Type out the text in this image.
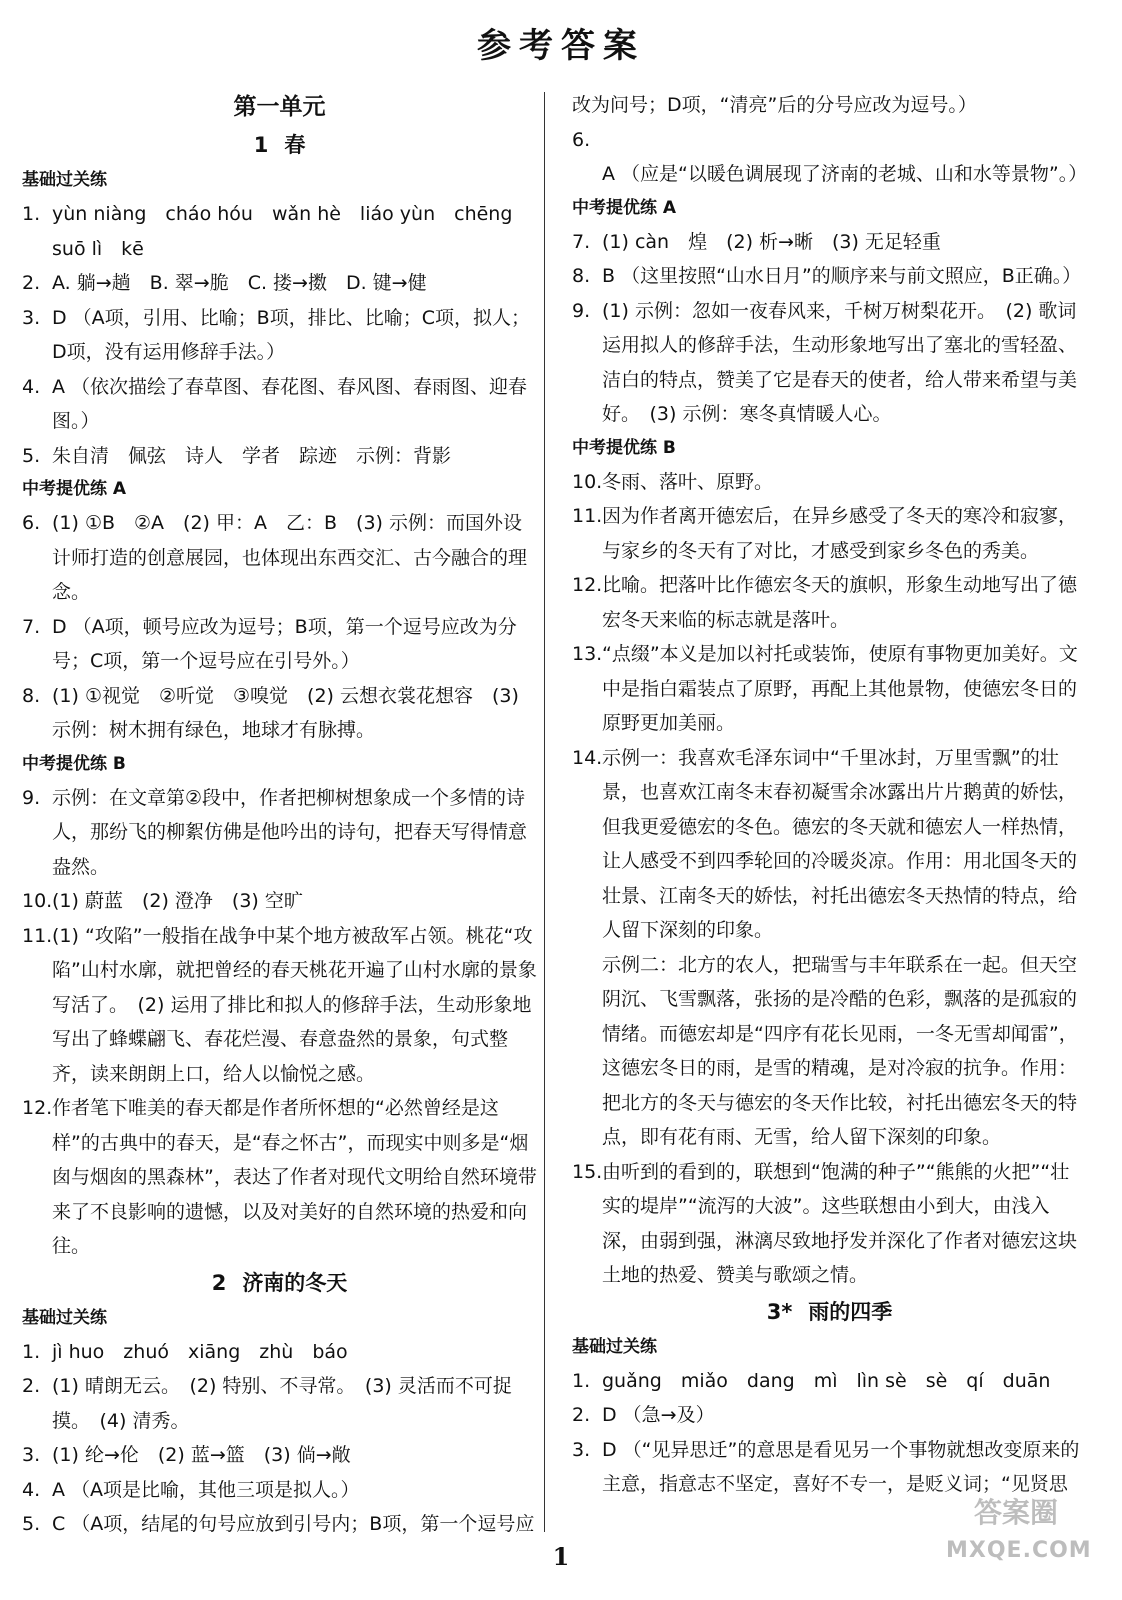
参考答案
第一单元
1 春
基础过关练
1. yùn niàng　cháo hóu　wǎn hè　liáo yùn　chēng　suō lì　kē
2. A. 躺→趟　B. 翠→脆　C. 搂→擞　D. 键→健
3. D （A项，引用、比喻；B项，排比、比喻；C项，拟人；D项，没有运用修辞手法。）
4. A （依次描绘了春草图、春花图、春风图、春雨图、迎春图。）
5. 朱自清　佩弦　诗人　学者　踪迹　示例：背影
中考提优练 A
6. (1) ①B　②A　(2) 甲：A　乙：B　(3) 示例：而国外设计师打造的创意展园，也体现出东西交汇、古今融合的理念。
7. D （A项，顿号应改为逗号；B项，第一个逗号应改为分号；C项，第一个逗号应在引号外。）
8. (1) ①视觉　②听觉　③嗅觉　(2) 云想衣裳花想容　(3) 示例：树木拥有绿色，地球才有脉搏。
中考提优练 B
9. 示例：在文章第②段中，作者把柳树想象成一个多情的诗人，那纷飞的柳絮仿佛是他吟出的诗句，把春天写得情意盎然。
10.(1) 蔚蓝　(2) 澄净　(3) 空旷
11.(1) “攻陷”一般指在战争中某个地方被敌军占领。桃花“攻陷”山村水廓，就把曾经的春天桃花开遍了山村水廓的景象写活了。　(2) 运用了排比和拟人的修辞手法，生动形象地写出了蜂蝶翩飞、春花烂漫、春意盎然的景象，句式整齐，读来朗朗上口，给人以愉悦之感。
12.作者笔下唯美的春天都是作者所怀想的“必然曾经是这样”的古典中的春天，是“春之怀古”，而现实中则多是“烟囱与烟囱的黑森林”，表达了作者对现代文明给自然环境带来了不良影响的遗憾，以及对美好的自然环境的热爱和向往。
2 济南的冬天
基础过关练
1. jì huo　zhuó　xiāng　zhù　báo
2. (1) 晴朗无云。　(2) 特别、不寻常。　(3) 灵活而不可捉摸。　(4) 清秀。
3. (1) 纶→伦　(2) 蓝→篮　(3) 倘→敞
4. A （A项是比喻，其他三项是拟人。）
5. C （A项，结尾的句号应放到引号内；B项，第一个逗号应
改为问号；D项，“清亮”后的分号应改为逗号。）
6.A （应是“以暖色调展现了济南的老城、山和水等景物”。）
中考提优练 A
7. (1) càn　煌　(2) 析→晰　(3) 无足轻重
8. B （这里按照“山水日月”的顺序来与前文照应，B正确。）
9. (1) 示例：忽如一夜春风来，千树万树梨花开。　(2) 歌词运用拟人的修辞手法，生动形象地写出了塞北的雪轻盈、洁白的特点，赞美了它是春天的使者，给人带来希望与美好。　(3) 示例：寒冬真情暖人心。
中考提优练 B
10.冬雨、落叶、原野。
11.因为作者离开德宏后，在异乡感受了冬天的寒冷和寂寥，与家乡的冬天有了对比，才感受到家乡冬色的秀美。
12.比喻。把落叶比作德宏冬天的旗帜，形象生动地写出了德宏冬天来临的标志就是落叶。
13.“点缀”本义是加以衬托或装饰，使原有事物更加美好。文中是指白霜装点了原野，再配上其他景物，使德宏冬日的原野更加美丽。
14.示例一：我喜欢毛泽东词中“千里冰封，万里雪飘”的壮景，也喜欢江南冬末春初凝雪余冰露出片片鹅黄的娇怯，但我更爱德宏的冬色。德宏的冬天就和德宏人一样热情，让人感受不到四季轮回的冷暖炎凉。作用：用北国冬天的壮景、江南冬天的娇怯，衬托出德宏冬天热情的特点，给人留下深刻的印象。
示例二：北方的农人，把瑞雪与丰年联系在一起。但天空阴沉、飞雪飘落，张扬的是冷酷的色彩，飘落的是孤寂的情绪。而德宏却是“四序有花长见雨，一冬无雪却闻雷”，这德宏冬日的雨，是雪的精魂，是对冷寂的抗争。作用：把北方的冬天与德宏的冬天作比较，衬托出德宏冬天的特点，即有花有雨、无雪，给人留下深刻的印象。
15.由听到的看到的，联想到“饱满的种子”“熊熊的火把”“壮实的堤岸”“流泻的大波”。这些联想由小到大，由浅入深，由弱到强，淋漓尽致地抒发并深化了作者对德宏这块土地的热爱、赞美与歌颂之情。
3* 雨的四季
基础过关练
1. guǎng　miǎo　dang　mì　lìn sè　sè　qí　duān
2. D （急→及）
3. D （“见异思迁”的意思是看见另一个事物就想改变原来的主意，指意志不坚定，喜好不专一，是贬义词；“见贤思
1
答案圈
MXQE.COM
